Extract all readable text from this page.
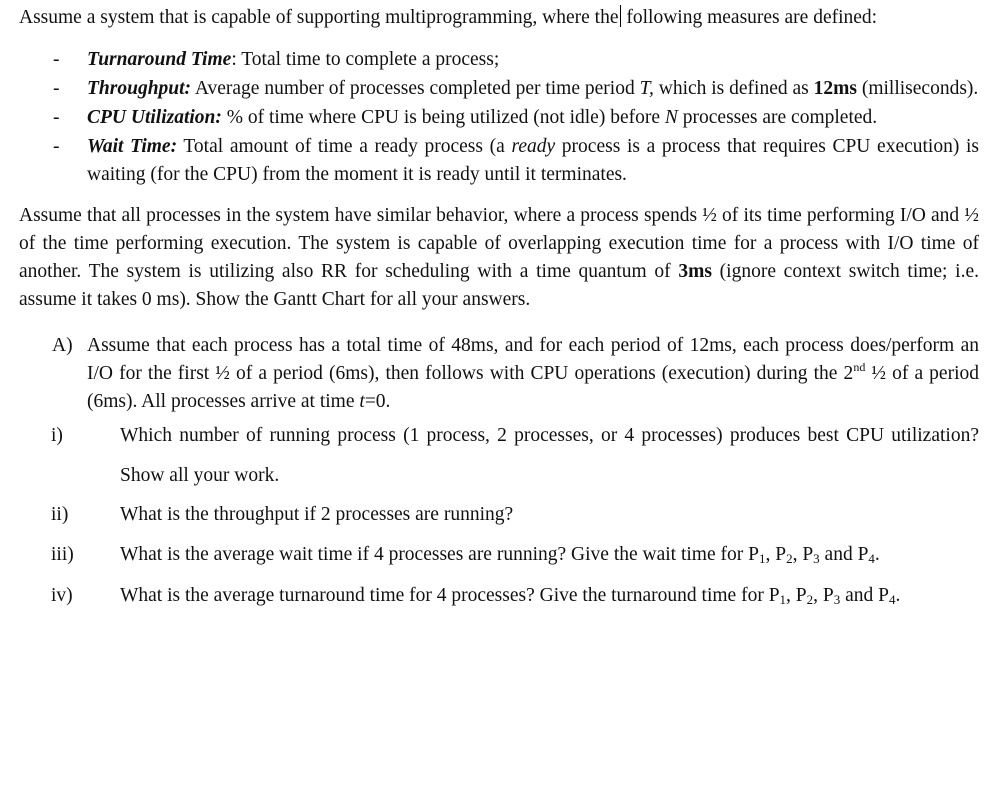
Assume a system that is capable of supporting multiprogramming, where the following measures are defined:

- Turnaround Time: Total time to complete a process;
- Throughput: Average number of processes completed per time period T, which is defined as 12ms (milliseconds).
- CPU Utilization: % of time where CPU is being utilized (not idle) before N processes are completed.
- Wait Time: Total amount of time a ready process (a ready process is a process that requires CPU execution) is waiting (for the CPU) from the moment it is ready until it terminates.

Assume that all processes in the system have similar behavior, where a process spends ½ of its time performing I/O and ½ of the time performing execution. The system is capable of overlapping execution time for a process with I/O time of another. The system is utilizing also RR for scheduling with a time quantum of 3ms (ignore context switch time; i.e. assume it takes 0 ms). Show the Gantt Chart for all your answers.

A) Assume that each process has a total time of 48ms, and for each period of 12ms, each process does/perform an I/O for the first ½ of a period (6ms), then follows with CPU operations (execution) during the 2nd ½ of a period (6ms). All processes arrive at time t=0.
i)	Which number of running process (1 process, 2 processes, or 4 processes) produces best CPU utilization? Show all your work.
ii)	What is the throughput if 2 processes are running?
iii) What is the average wait time if 4 processes are running? Give the wait time for $P_1$, $P_2$, $P_3$ and $P_4$.
iv) What is the average turnaround time for 4 processes? Give the turnaround time for $P_1$, $P_2$, $P_3$ and $P_4$.
